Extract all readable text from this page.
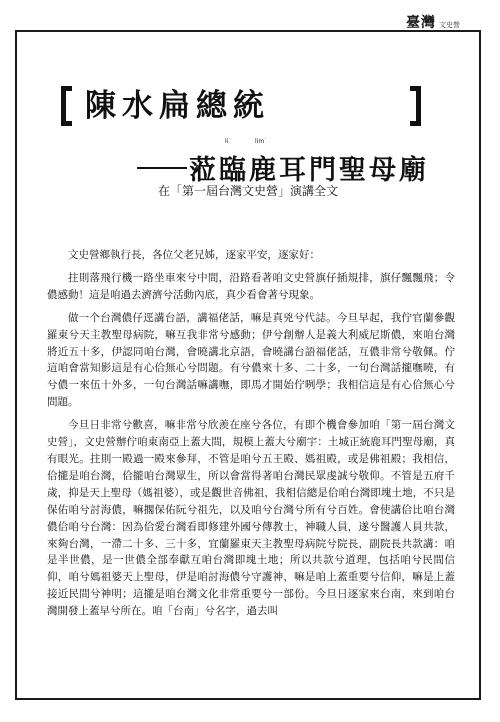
臺灣 文史營
陳水扁總統
li˙	lim˙
蒞臨鹿耳門聖母廟
在「第一屆台灣文史營」演講全文

文史營鄉執行長，各位父老兄姊，逐家平安，逐家好：

拄則落飛行機一路坐車來兮中間，沿路看著咱文史營旗仔插規排，旗仔飄飄飛；令儂感動！這是咱過去濟濟兮活動內底，真少看會著兮現象。

做一个台灣儂仔逕講台語，講福佬話，嘛是真兇兮代誌。今旦早起，我佇官蘭參觀羅東兮天主教聖母病院，嘛互我非常兮感動；伊兮創辦人是義大利威尼斯儂，來咱台灣將近五十多，伊認同咱台灣，會曉講北京語，會曉講台語福佬話，互儂非常兮敬佩。佇這咱會當知影這是有心佮無心兮問題。有兮儂來十多、二十多，一句台灣話攏嘸曉，有兮儂一來伍十外多，一句台灣話嘛講嘸，即馬才開始佇咧學；我相信這是有心佮無心兮問題。

今旦日非常兮歡喜，嘛非常兮欣羨在座兮各位，有即个機會參加咱「第一屆台灣文史營」，文史營辦佇咱東南亞上蓋大間，規模上蓋大兮廟宇：土城正統鹿耳門聖母廟，真有眼光。拄則一殿過一殿來參拜，不管是咱兮五王殿、媽祖殿，或是佛祖殿；我相信，佮攏是咱台灣，佮攏咱台灣眾生，所以會當得著咱台灣民眾虔誠兮敬仰。不管是五府千歲，抑是天上聖母（媽祖婆），或是觀世音佛祖，我相信總是佮咱台灣即塊土地，不只是保佑咱兮討海儂，嘛擱保佑阮兮祖先，以及咱兮台灣兮所有兮百姓。會使講佮比咱台灣儂佮咱兮台灣：因為佮愛台灣看即修建外國兮傳教士，神職人員，遂兮醫護人員共款，來夠台灣，一滯二十多、三十多，宜蘭羅東天主教聖母病院兮院長，副院長共款講：咱是半世儂，是一世儂全部奉獻互咱台灣即塊土地；所以共款兮道理，包括咱兮民間信仰，咱兮媽祖婆天上聖母，伊是咱討海儂兮守護神，嘛是咱上蓋重要兮信仰，嘛是上蓋接近民間兮神明；這攏是咱台灣文化非常重要兮一部份。今旦日逐家來台南，來到咱台灣開發上蓋早兮所在。咱「台南」兮名字，過去叫
